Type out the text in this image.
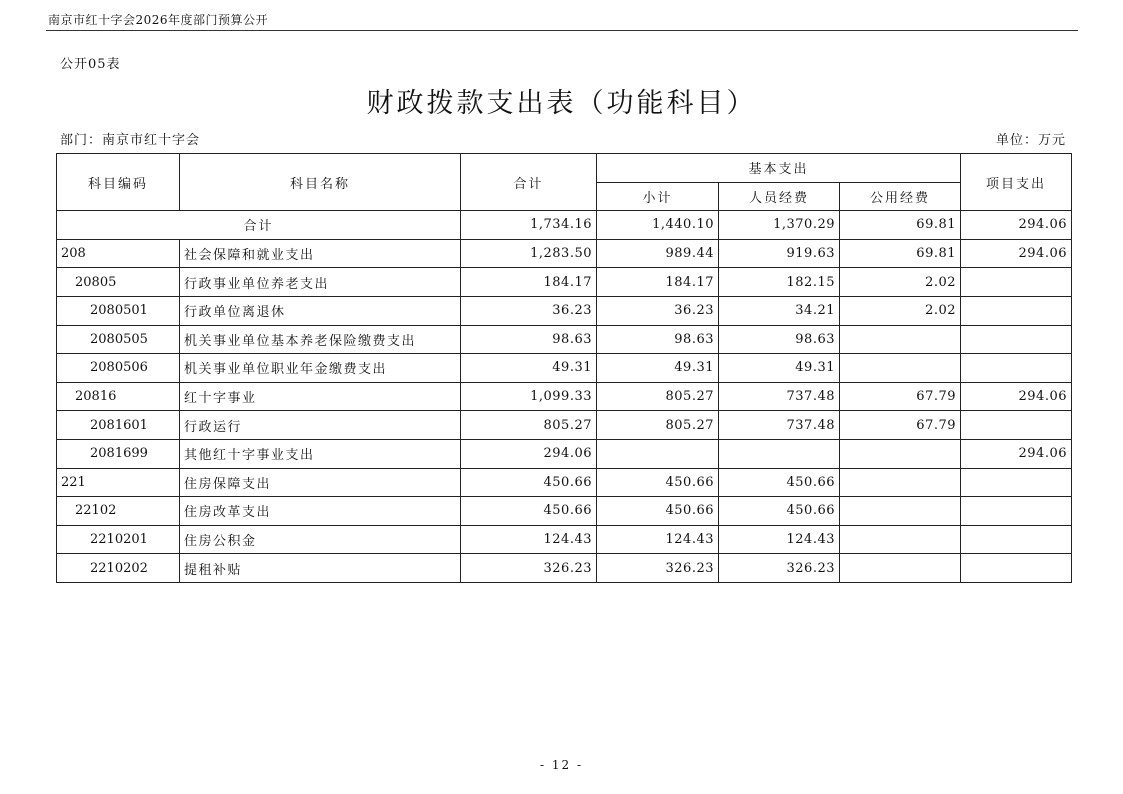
南京市红十字会2026年度部门预算公开
公开05表
财政拨款支出表（功能科目）
部门：南京市红十字会	单位：万元
科目编码	科目名称	合计	基本支出			项目支出
			小计	人员经费	公用经费	
合计		1,734.16	1,440.10	1,370.29	69.81	294.06
208	社会保障和就业支出	1,283.50	989.44	919.63	69.81	294.06
20805	行政事业单位养老支出	184.17	184.17	182.15	2.02	
2080501	行政单位离退休	36.23	36.23	34.21	2.02	
2080505	机关事业单位基本养老保险缴费支出	98.63	98.63	98.63		
2080506	机关事业单位职业年金缴费支出	49.31	49.31	49.31		
20816	红十字事业	1,099.33	805.27	737.48	67.79	294.06
2081601	行政运行	805.27	805.27	737.48	67.79	
2081699	其他红十字事业支出	294.06				294.06
221	住房保障支出	450.66	450.66	450.66		
22102	住房改革支出	450.66	450.66	450.66		
2210201	住房公积金	124.43	124.43	124.43		
2210202	提租补贴	326.23	326.23	326.23		
- 12 -
